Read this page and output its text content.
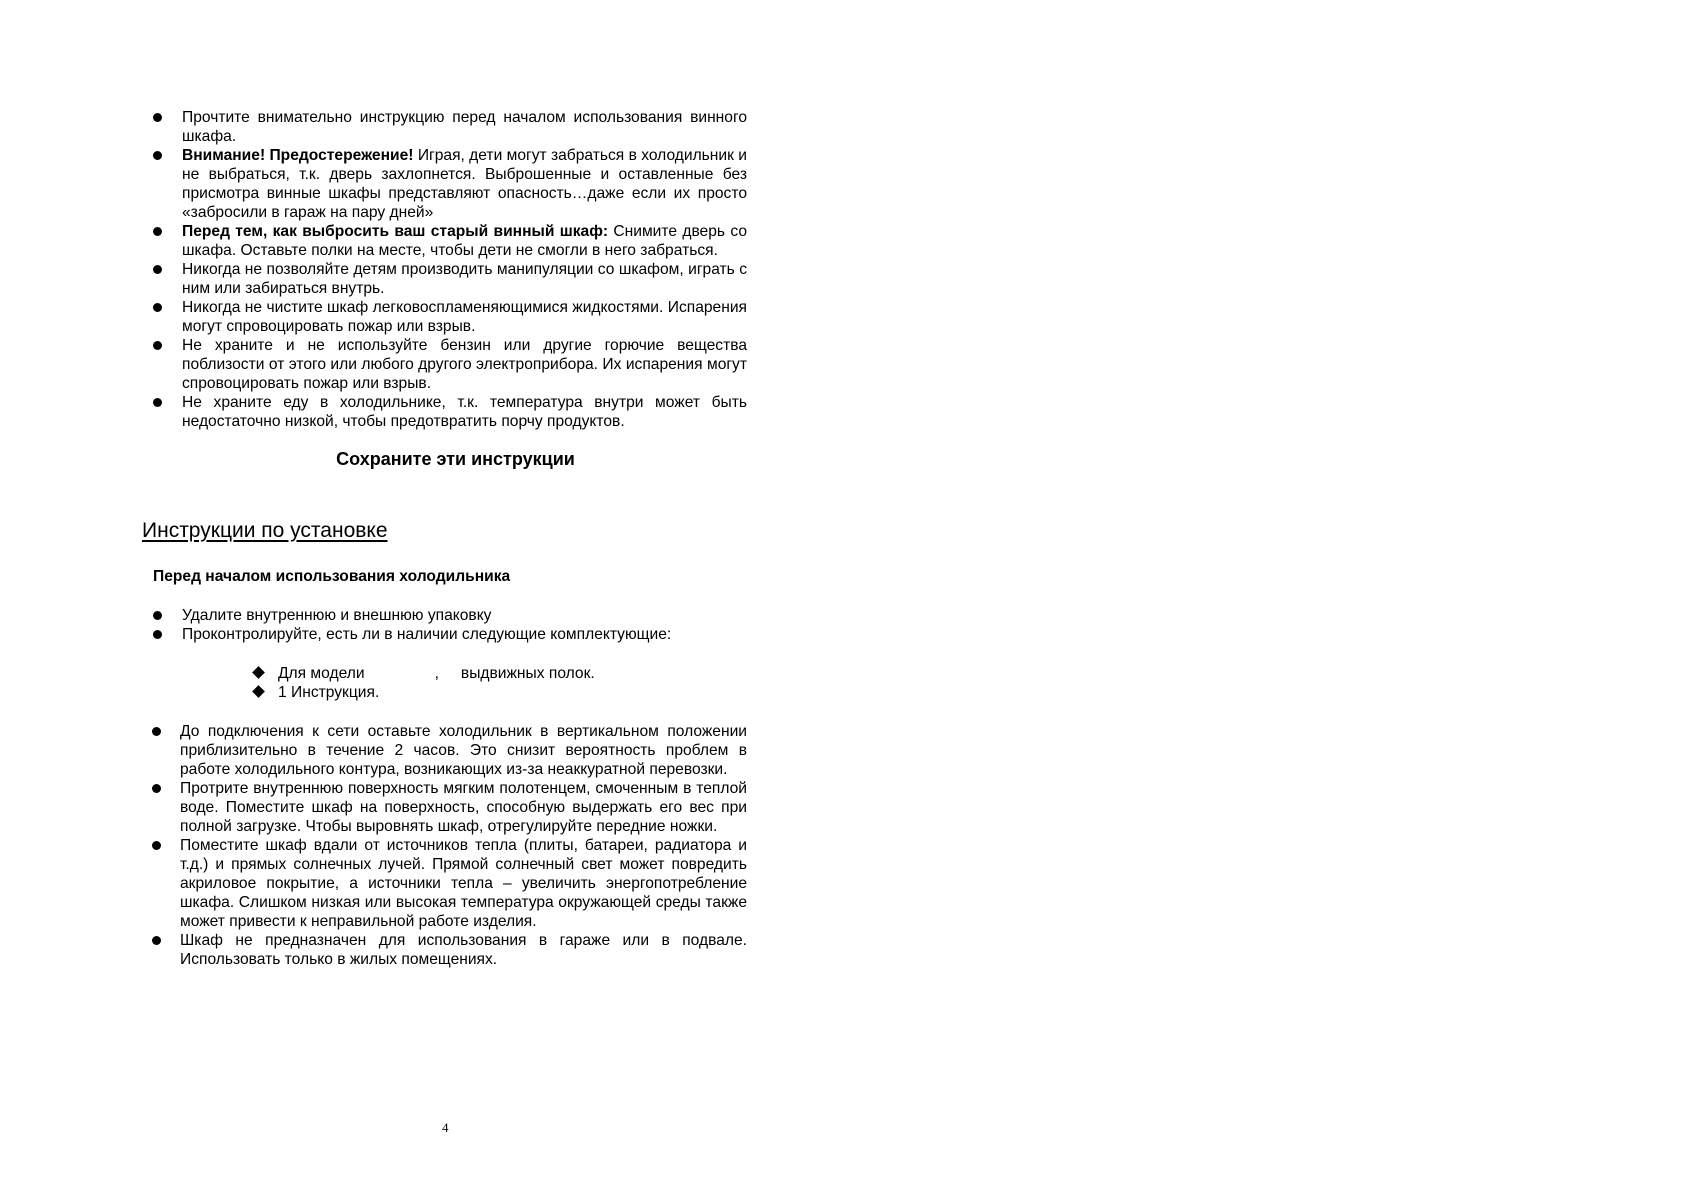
Прочтите внимательно инструкцию перед началом использования винного шкафа.
Внимание! Предостережение! Играя, дети могут забраться в холодильник и не выбраться, т.к. дверь захлопнется. Выброшенные и оставленные без присмотра винные шкафы представляют опасность…даже если их просто «забросили в гараж на пару дней»
Перед тем, как выбросить ваш старый винный шкаф: Снимите дверь со шкафа. Оставьте полки на месте, чтобы дети не смогли в него забраться.
Никогда не позволяйте детям производить манипуляции со шкафом, играть с ним или забираться внутрь.
Никогда не чистите шкаф легковоспламеняющимися жидкостями. Испарения могут спровоцировать пожар или взрыв.
Не храните и не используйте бензин или другие горючие вещества поблизости от этого или любого другого электроприбора. Их испарения могут спровоцировать пожар или взрыв.
Не храните еду в холодильнике, т.к. температура внутри может быть недостаточно низкой, чтобы предотвратить порчу продуктов.
Сохраните эти инструкции
Инструкции по установке
Перед началом использования холодильника
Удалите внутреннюю и внешнюю упаковку
Проконтролируйте, есть ли в наличии следующие комплектующие:
Для модели	, выдвижных полок.
1 Инструкция.
До подключения к сети оставьте холодильник в вертикальном положении приблизительно в течение 2 часов. Это снизит вероятность проблем в работе холодильного контура, возникающих из-за неаккуратной перевозки.
Протрите внутреннюю поверхность мягким полотенцем, смоченным в теплой воде. Поместите шкаф на поверхность, способную выдержать его вес при полной загрузке. Чтобы выровнять шкаф, отрегулируйте передние ножки.
Поместите шкаф вдали от источников тепла (плиты, батареи, радиатора и т.д.) и прямых солнечных лучей. Прямой солнечный свет может повредить акриловое покрытие, а источники тепла – увеличить энергопотребление шкафа. Слишком низкая или высокая температура окружающей среды также может привести к неправильной работе изделия.
Шкаф не предназначен для использования в гараже или в подвале. Использовать только в жилых помещениях.
4
